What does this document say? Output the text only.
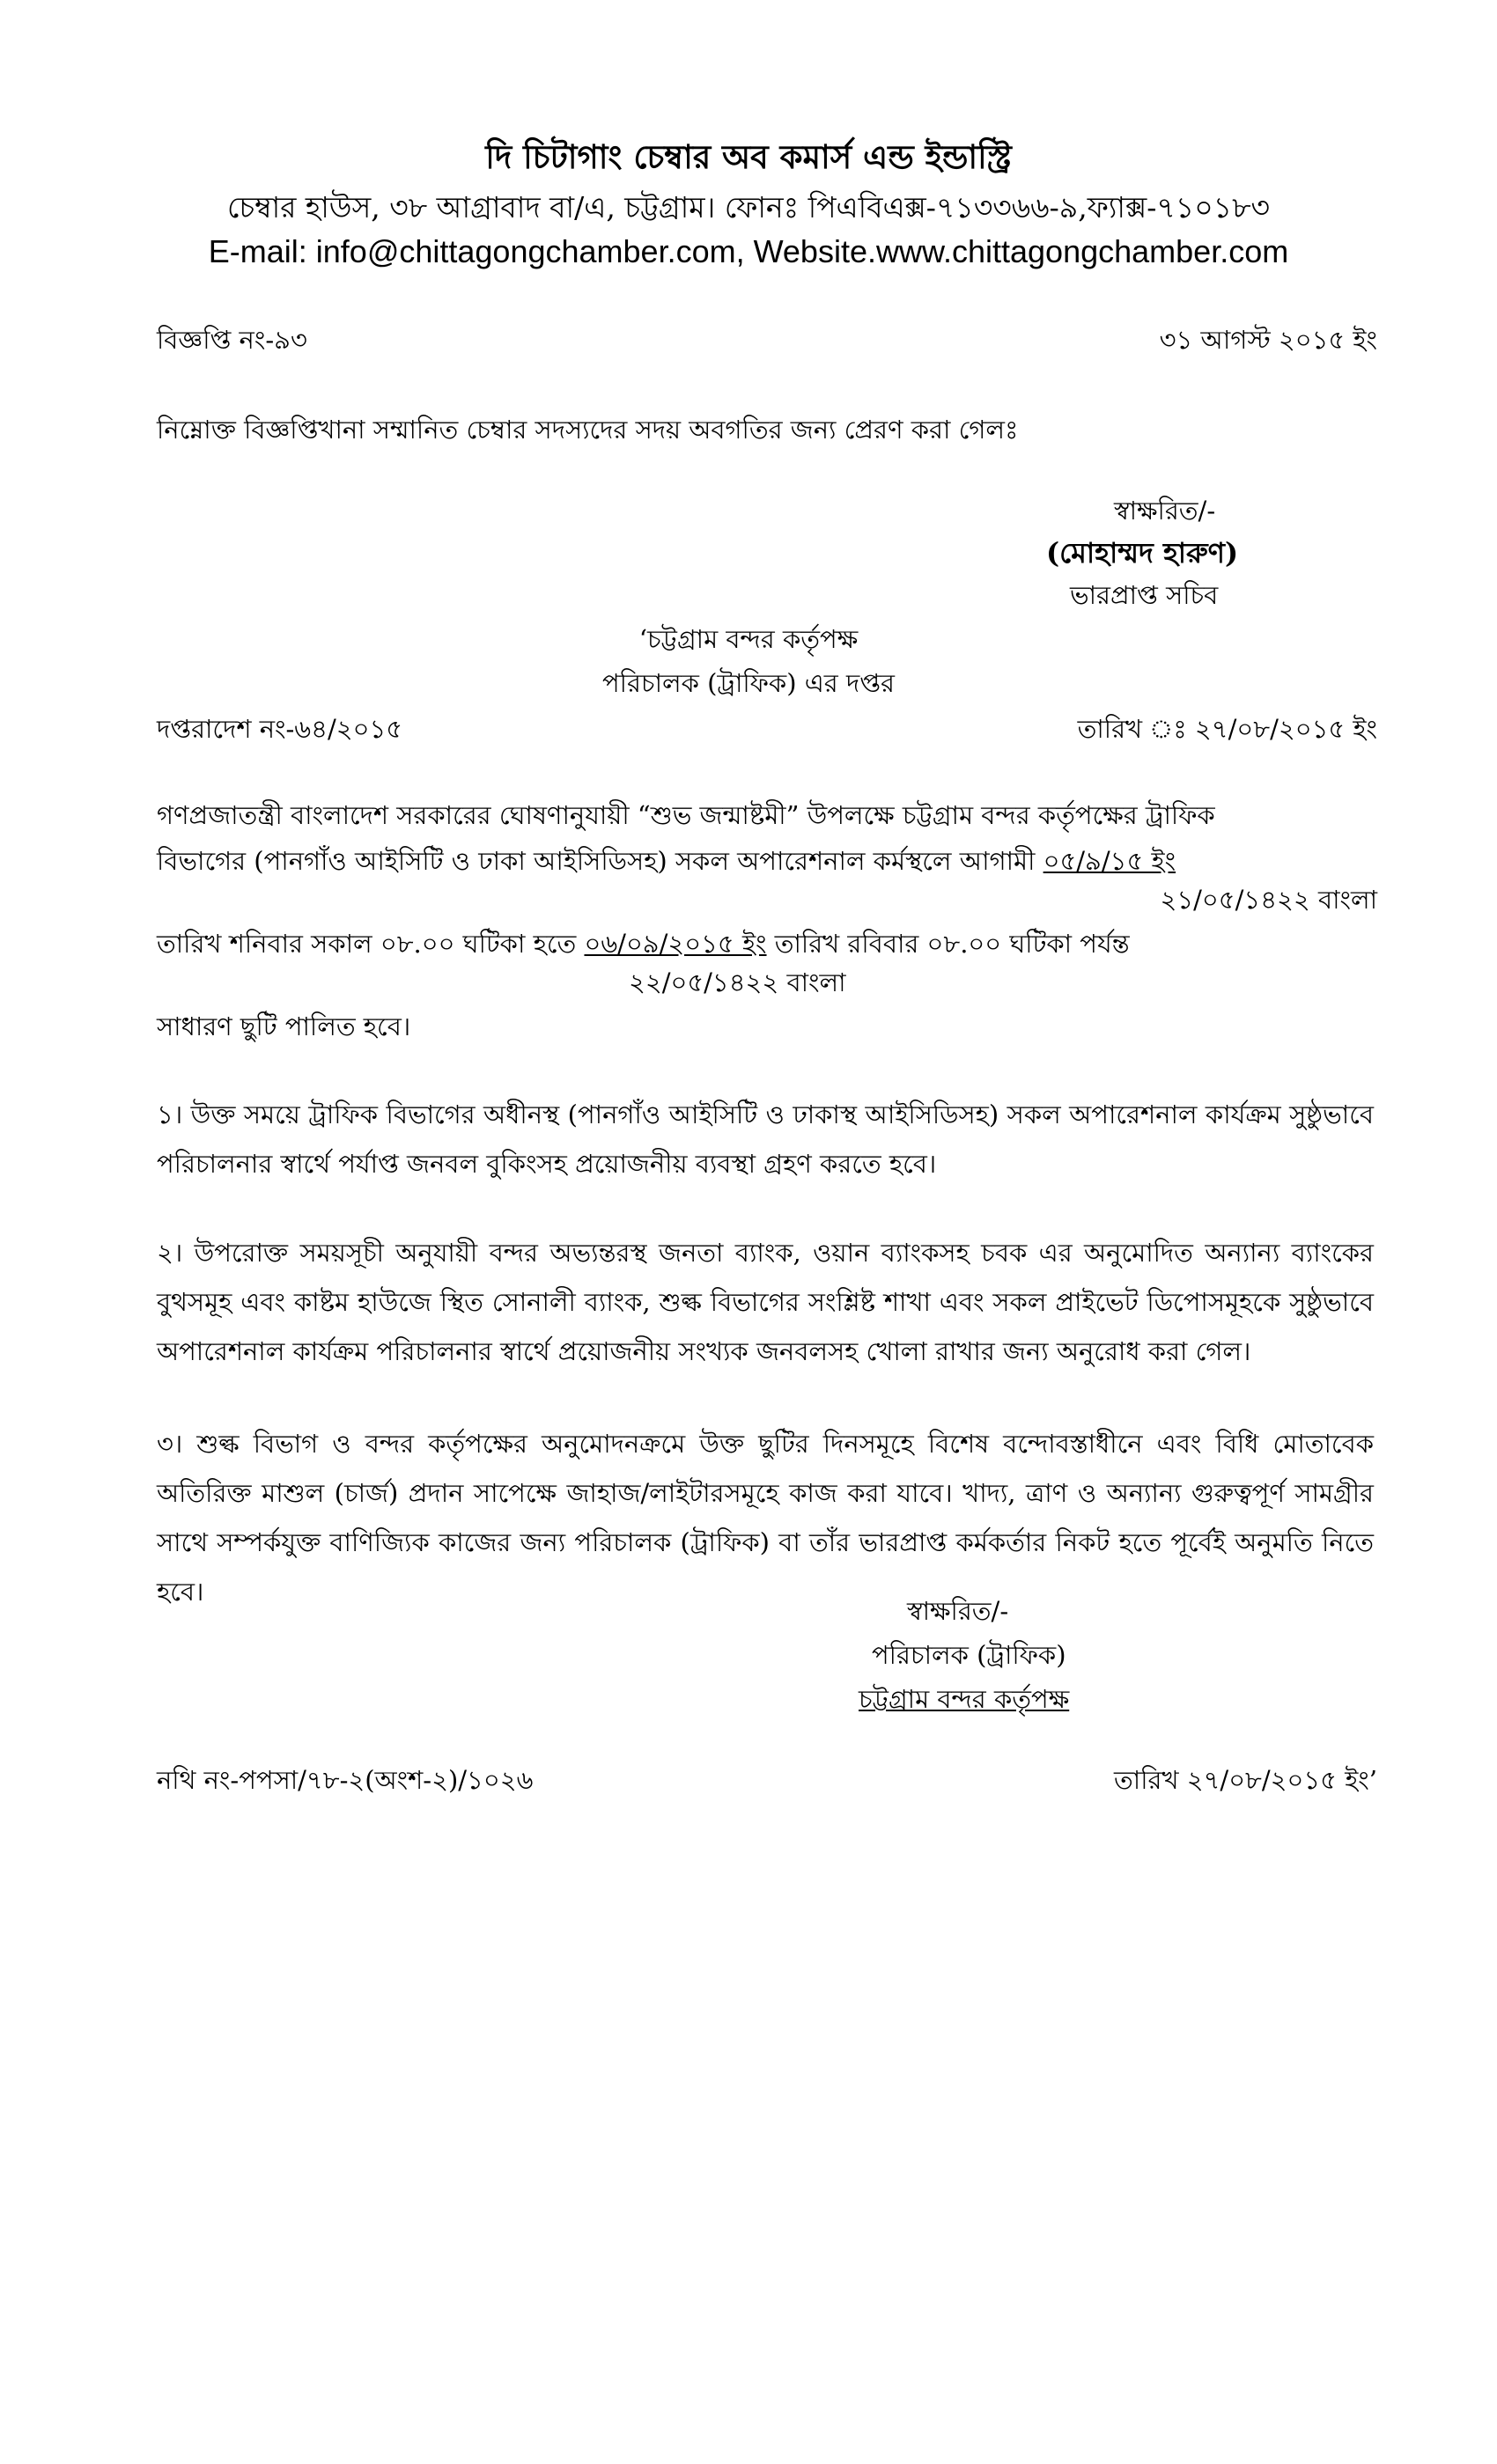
দি চিটাগাং চেম্বার অব কমার্স এন্ড ইন্ডাস্ট্রি
চেম্বার হাউস, ৩৮ আগ্রাবাদ বা/এ, চট্টগ্রাম। ফোনঃ পিএবিএক্স-৭১৩৩৬৬-৯,ফ্যাক্স-৭১০১৮৩
E-mail: info@chittagongchamber.com, Website.www.chittagongchamber.com
বিজ্ঞপ্তি নং-৯৩	৩১ আগস্ট ২০১৫ ইং
নিম্নোক্ত বিজ্ঞপ্তিখানা সম্মানিত চেম্বার সদস্যদের সদয় অবগতির জন্য প্রেরণ করা গেলঃ
স্বাক্ষরিত/-
(মোহাম্মদ হারুণ)
ভারপ্রাপ্ত সচিব
‘চট্টগ্রাম বন্দর কর্তৃপক্ষ
পরিচালক (ট্রাফিক) এর দপ্তর
দপ্তরাদেশ নং-৬৪/২০১৫	তারিখ ঃ ২৭/০৮/২০১৫ ইং
গণপ্রজাতন্ত্রী বাংলাদেশ সরকারের ঘোষণানুযায়ী “শুভ জন্মাষ্টমী” উপলক্ষে চট্টগ্রাম বন্দর কর্তৃপক্ষের ট্রাফিক
বিভাগের (পানগাঁও আইসিটি ও ঢাকা আইসিডিসহ) সকল অপারেশনাল কর্মস্থলে আগামী ০৫/৯/১৫ ইং
২১/০৫/১৪২২ বাংলা
তারিখ শনিবার সকাল ০৮.০০ ঘটিকা হতে ০৬/০৯/২০১৫ ইং তারিখ রবিবার ০৮.০০ ঘটিকা পর্যন্ত
২২/০৫/১৪২২ বাংলা
সাধারণ ছুটি পালিত হবে।
১। উক্ত সময়ে ট্রাফিক বিভাগের অধীনস্থ (পানগাঁও আইসিটি ও ঢাকাস্থ আইসিডিসহ) সকল অপারেশনাল কার্যক্রম সুষ্ঠুভাবে পরিচালনার স্বার্থে পর্যাপ্ত জনবল বুকিংসহ প্রয়োজনীয় ব্যবস্থা গ্রহণ করতে হবে।
২। উপরোক্ত সময়সূচী অনুযায়ী বন্দর অভ্যন্তরস্থ জনতা ব্যাংক, ওয়ান ব্যাংকসহ চবক এর অনুমোদিত অন্যান্য ব্যাংকের বুথসমূহ এবং কাষ্টম হাউজে স্থিত সোনালী ব্যাংক, শুল্ক বিভাগের সংশ্লিষ্ট শাখা এবং সকল প্রাইভেট ডিপোসমূহকে সুষ্ঠুভাবে অপারেশনাল কার্যক্রম পরিচালনার স্বার্থে প্রয়োজনীয় সংখ্যক জনবলসহ খোলা রাখার জন্য অনুরোধ করা গেল।
৩। শুল্ক বিভাগ ও বন্দর কর্তৃপক্ষের অনুমোদনক্রমে উক্ত ছুটির দিনসমূহে বিশেষ বন্দোবস্তাধীনে এবং বিধি মোতাবেক অতিরিক্ত মাশুল (চার্জ) প্রদান সাপেক্ষে জাহাজ/লাইটারসমূহে কাজ করা যাবে। খাদ্য, ত্রাণ ও অন্যান্য গুরুত্বপূর্ণ সামগ্রীর সাথে সম্পর্কযুক্ত বাণিজ্যিক কাজের জন্য পরিচালক (ট্রাফিক) বা তাঁর ভারপ্রাপ্ত কর্মকর্তার নিকট হতে পূর্বেই অনুমতি নিতে হবে।
স্বাক্ষরিত/-
পরিচালক (ট্রাফিক)
চট্টগ্রাম বন্দর কর্তৃপক্ষ
নথি নং-পপসা/৭৮-২(অংশ-২)/১০২৬	তারিখ ২৭/০৮/২০১৫ ইং’
